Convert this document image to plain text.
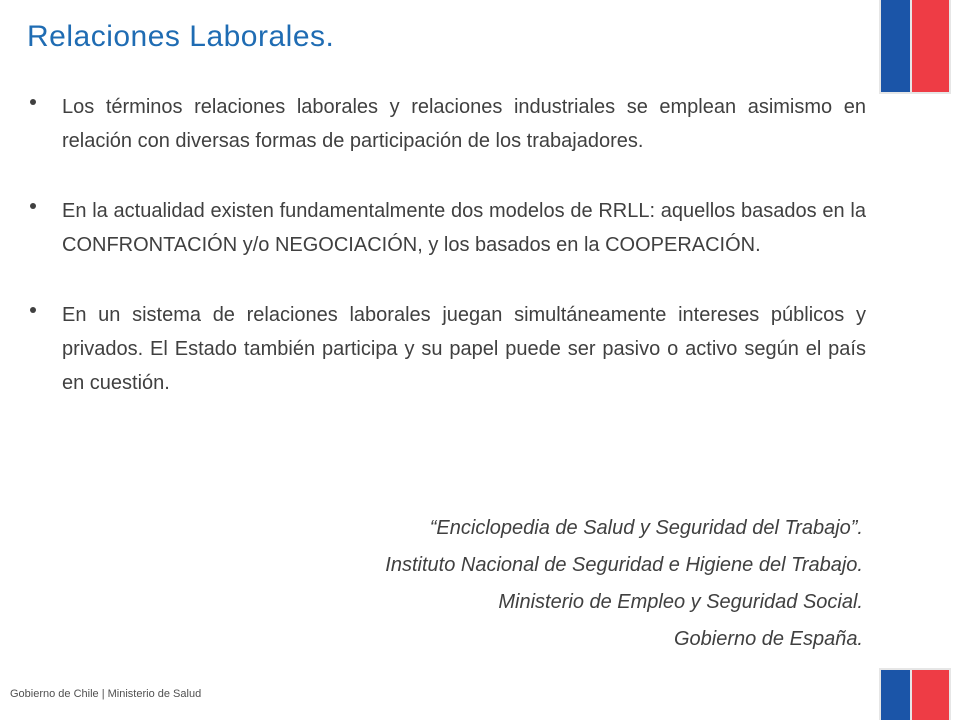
Relaciones Laborales.
Los términos relaciones laborales y relaciones industriales se emplean asimismo en relación con diversas formas de participación de los trabajadores.
En la actualidad existen fundamentalmente dos modelos de RRLL: aquellos basados en la CONFRONTACIÓN y/o NEGOCIACIÓN, y los basados en la COOPERACIÓN.
En un sistema de relaciones laborales juegan simultáneamente intereses públicos y privados. El Estado también participa y su papel puede ser pasivo o activo según el país en cuestión.
“Enciclopedia de Salud y Seguridad del Trabajo”.
Instituto Nacional de Seguridad e Higiene del Trabajo.
Ministerio de Empleo y Seguridad Social.
Gobierno de España.
Gobierno de Chile | Ministerio de Salud
